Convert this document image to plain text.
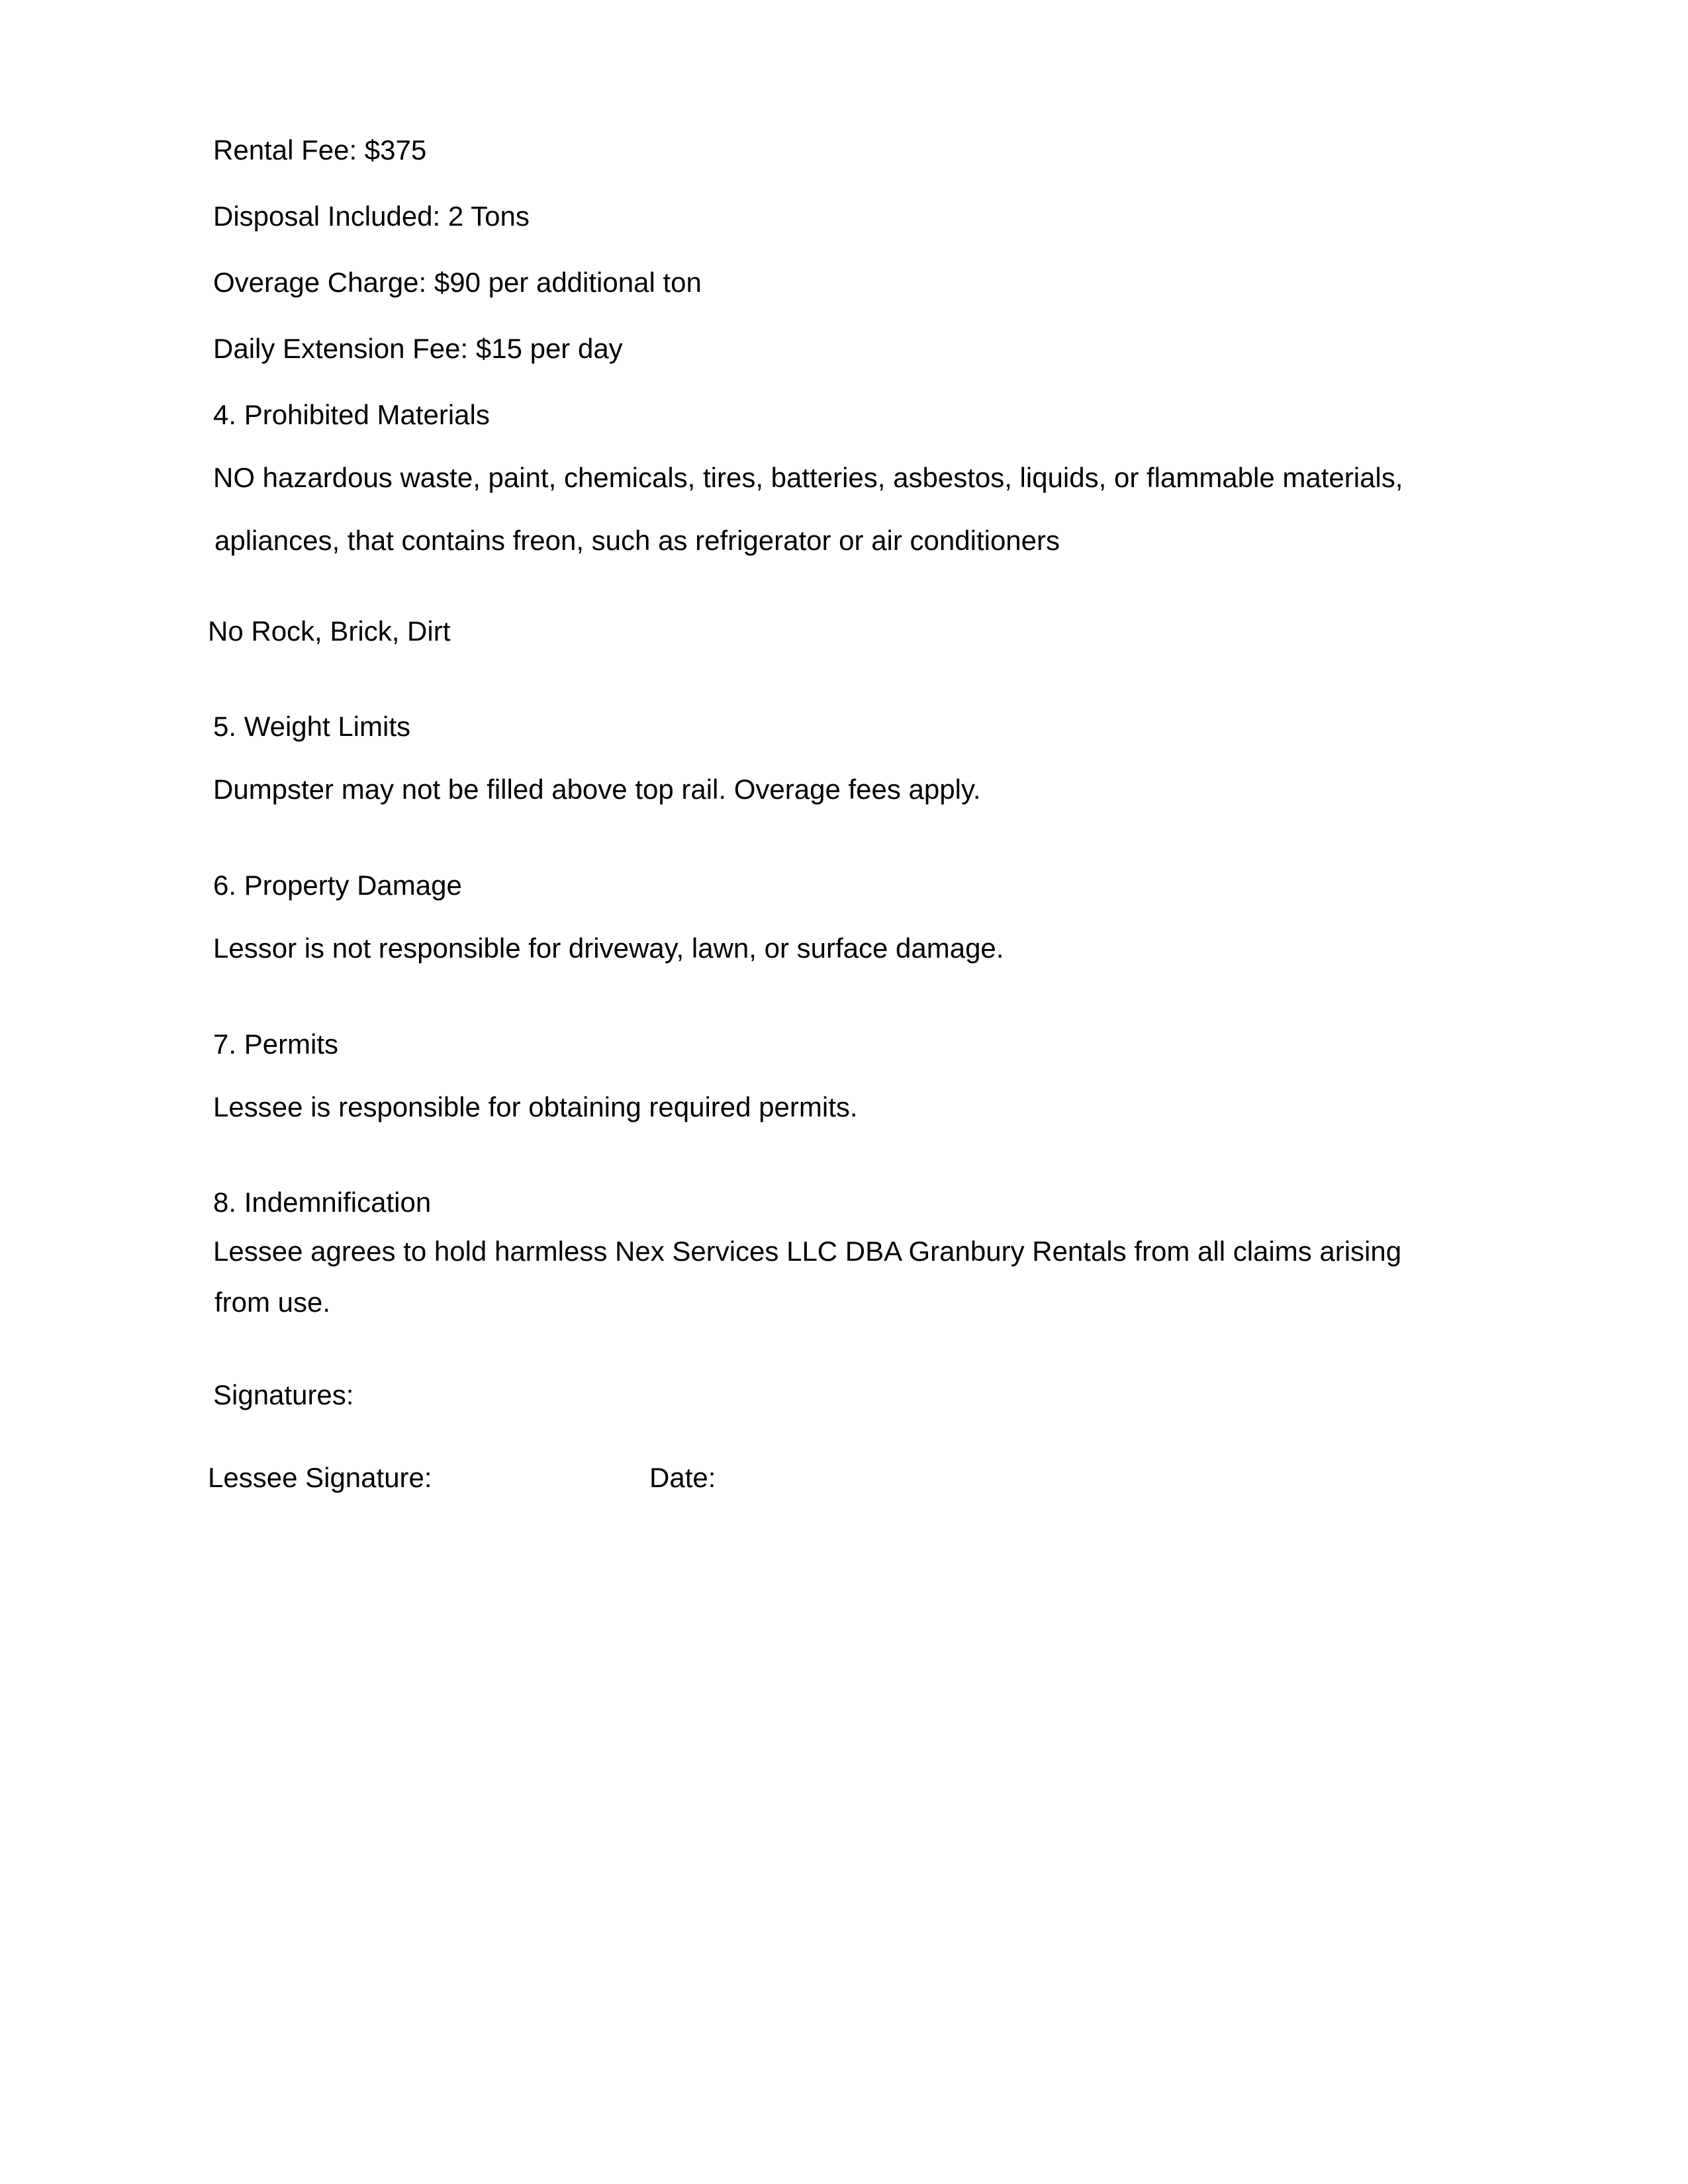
Rental Fee: $375

Disposal Included: 2 Tons

Overage Charge: $90 per additional ton

Daily Extension Fee: $15 per day

4. Prohibited Materials

NO hazardous waste, paint, chemicals, tires, batteries, asbestos, liquids, or flammable materials,

apliances, that contains freon, such as refrigerator or air conditioners

No Rock, Brick, Dirt

5. Weight Limits

Dumpster may not be filled above top rail. Overage fees apply.

6. Property Damage

Lessor is not responsible for driveway, lawn, or surface damage.

7. Permits

Lessee is responsible for obtaining required permits.

8. Indemnification

Lessee agrees to hold harmless Nex Services LLC DBA Granbury Rentals from all claims arising

from use.

Signatures:

Lessee Signature:	Date:
